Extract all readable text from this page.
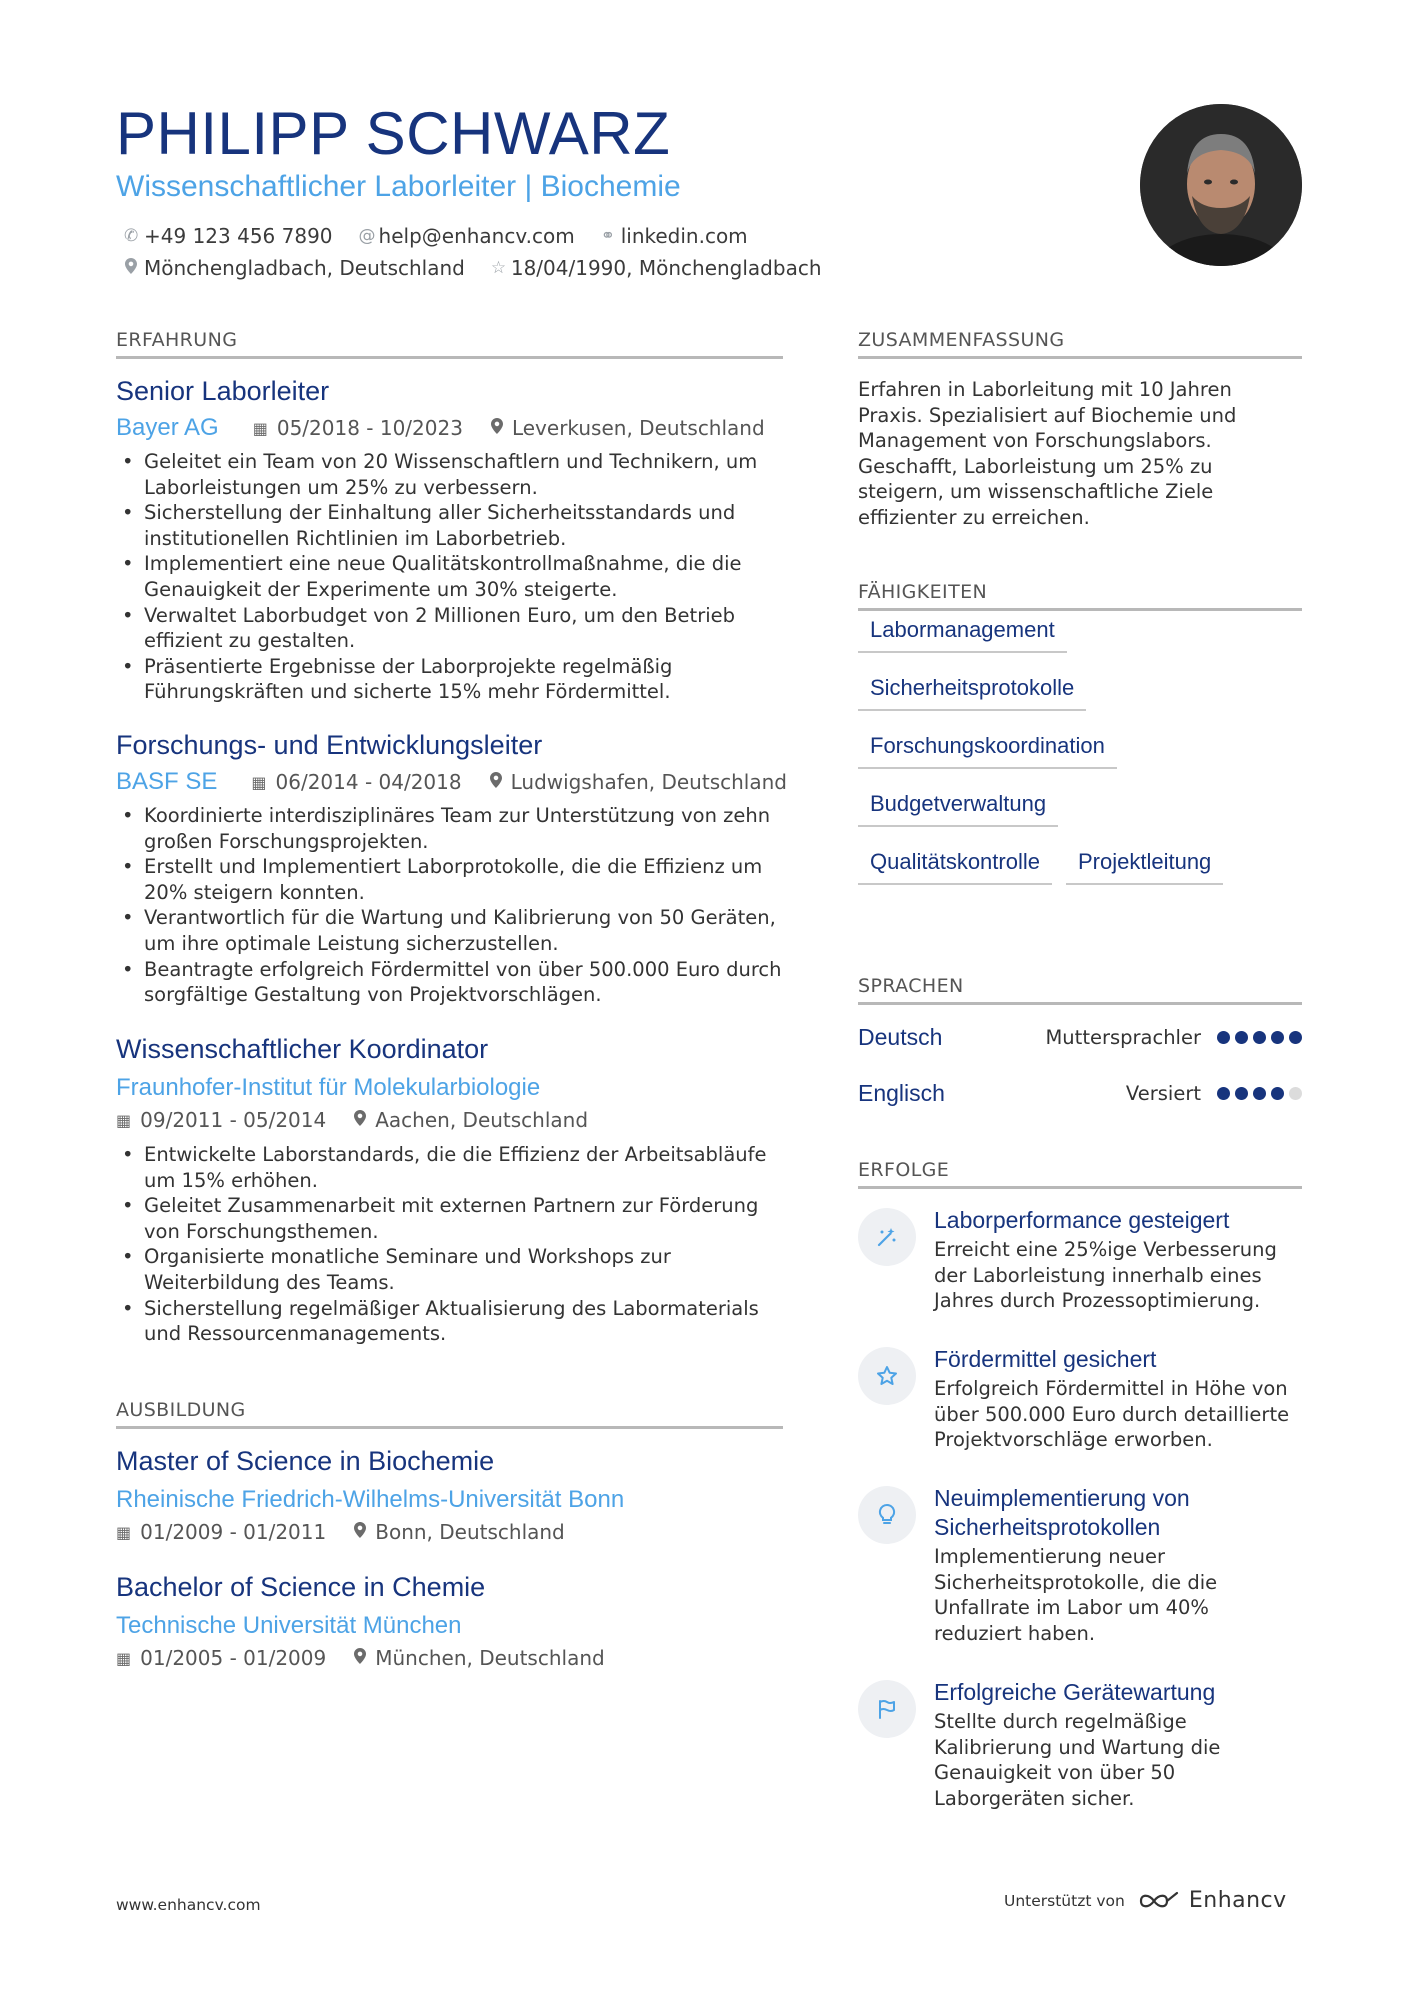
PHILIPP SCHWARZ
Wissenschaftlicher Laborleiter | Biochemie
✆ +49 123 456 7890 @ help@enhancv.com ⚭ linkedin.com
Mönchengladbach, Deutschland ☆ 18/04/1990, Mönchengladbach
ERFAHRUNG
Senior Laborleiter
Bayer AG ▦ 05/2018 - 10/2023 Leverkusen, Deutschland
• Geleitet ein Team von 20 Wissenschaftlern und Technikern, um Laborleistungen um 25% zu verbessern.
• Sicherstellung der Einhaltung aller Sicherheitsstandards und institutionellen Richtlinien im Laborbetrieb.
• Implementiert eine neue Qualitätskontrollmaßnahme, die die Genauigkeit der Experimente um 30% steigerte.
• Verwaltet Laborbudget von 2 Millionen Euro, um den Betrieb effizient zu gestalten.
• Präsentierte Ergebnisse der Laborprojekte regelmäßig Führungskräften und sicherte 15% mehr Fördermittel.
Forschungs- und Entwicklungsleiter
BASF SE ▦ 06/2014 - 04/2018 Ludwigshafen, Deutschland
• Koordinierte interdisziplinäres Team zur Unterstützung von zehn großen Forschungsprojekten.
• Erstellt und Implementiert Laborprotokolle, die die Effizienz um 20% steigern konnten.
• Verantwortlich für die Wartung und Kalibrierung von 50 Geräten, um ihre optimale Leistung sicherzustellen.
• Beantragte erfolgreich Fördermittel von über 500.000 Euro durch sorgfältige Gestaltung von Projektvorschlägen.
Wissenschaftlicher Koordinator
Fraunhofer-Institut für Molekularbiologie
▦ 09/2011 - 05/2014 Aachen, Deutschland
• Entwickelte Laborstandards, die die Effizienz der Arbeitsabläufe um 15% erhöhen.
• Geleitet Zusammenarbeit mit externen Partnern zur Förderung von Forschungsthemen.
• Organisierte monatliche Seminare und Workshops zur Weiterbildung des Teams.
• Sicherstellung regelmäßiger Aktualisierung des Labormaterials und Ressourcenmanagements.
AUSBILDUNG
Master of Science in Biochemie
Rheinische Friedrich-Wilhelms-Universität Bonn
▦ 01/2009 - 01/2011 Bonn, Deutschland
Bachelor of Science in Chemie
Technische Universität München
▦ 01/2005 - 01/2009 München, Deutschland
ZUSAMMENFASSUNG
Erfahren in Laborleitung mit 10 Jahren Praxis. Spezialisiert auf Biochemie und Management von Forschungslabors. Geschafft, Laborleistung um 25% zu steigern, um wissenschaftliche Ziele effizienter zu erreichen.
FÄHIGKEITEN
Labormanagement
Sicherheitsprotokolle
Forschungskoordination
Budgetverwaltung
Qualitätskontrolle	Projektleitung
SPRACHEN
Deutsch	Muttersprachler
Englisch	Versiert
ERFOLGE
Laborperformance gesteigert
Erreicht eine 25%ige Verbesserung der Laborleistung innerhalb eines Jahres durch Prozessoptimierung.
Fördermittel gesichert
Erfolgreich Fördermittel in Höhe von über 500.000 Euro durch detaillierte Projektvorschläge erworben.
Neuimplementierung von Sicherheitsprotokollen
Implementierung neuer Sicherheitsprotokolle, die die Unfallrate im Labor um 40% reduziert haben.
Erfolgreiche Gerätewartung
Stellte durch regelmäßige Kalibrierung und Wartung die Genauigkeit von über 50 Laborgeräten sicher.
www.enhancv.com	Unterstützt von	Enhancv
